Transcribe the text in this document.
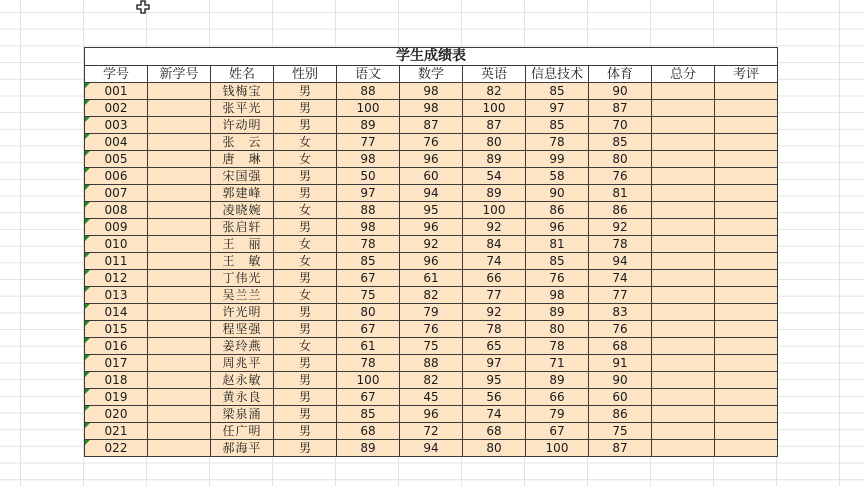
学生成绩表										
学号	新学号	姓名	性别	语文	数学	英语	信息技术	体育	总分	考评
001		钱梅宝	男	88	98	82	85	90		
002		张平光	男	100	98	100	97	87		
003		许动明	男	89	87	87	85	70		
004		张　云	女	77	76	80	78	85		
005		唐　琳	女	98	96	89	99	80		
006		宋国强	男	50	60	54	58	76		
007		郭建峰	男	97	94	89	90	81		
008		凌晓婉	女	88	95	100	86	86		
009		张启轩	男	98	96	92	96	92		
010		王　丽	女	78	92	84	81	78		
011		王　敏	女	85	96	74	85	94		
012		丁伟光	男	67	61	66	76	74		
013		吴兰兰	女	75	82	77	98	77		
014		许光明	男	80	79	92	89	83		
015		程坚强	男	67	76	78	80	76		
016		姜玲燕	女	61	75	65	78	68		
017		周兆平	男	78	88	97	71	91		
018		赵永敏	男	100	82	95	89	90		
019		黄永良	男	67	45	56	66	60		
020		梁泉涌	男	85	96	74	79	86		
021		任广明	男	68	72	68	67	75		
022		郝海平	男	89	94	80	100	87		
